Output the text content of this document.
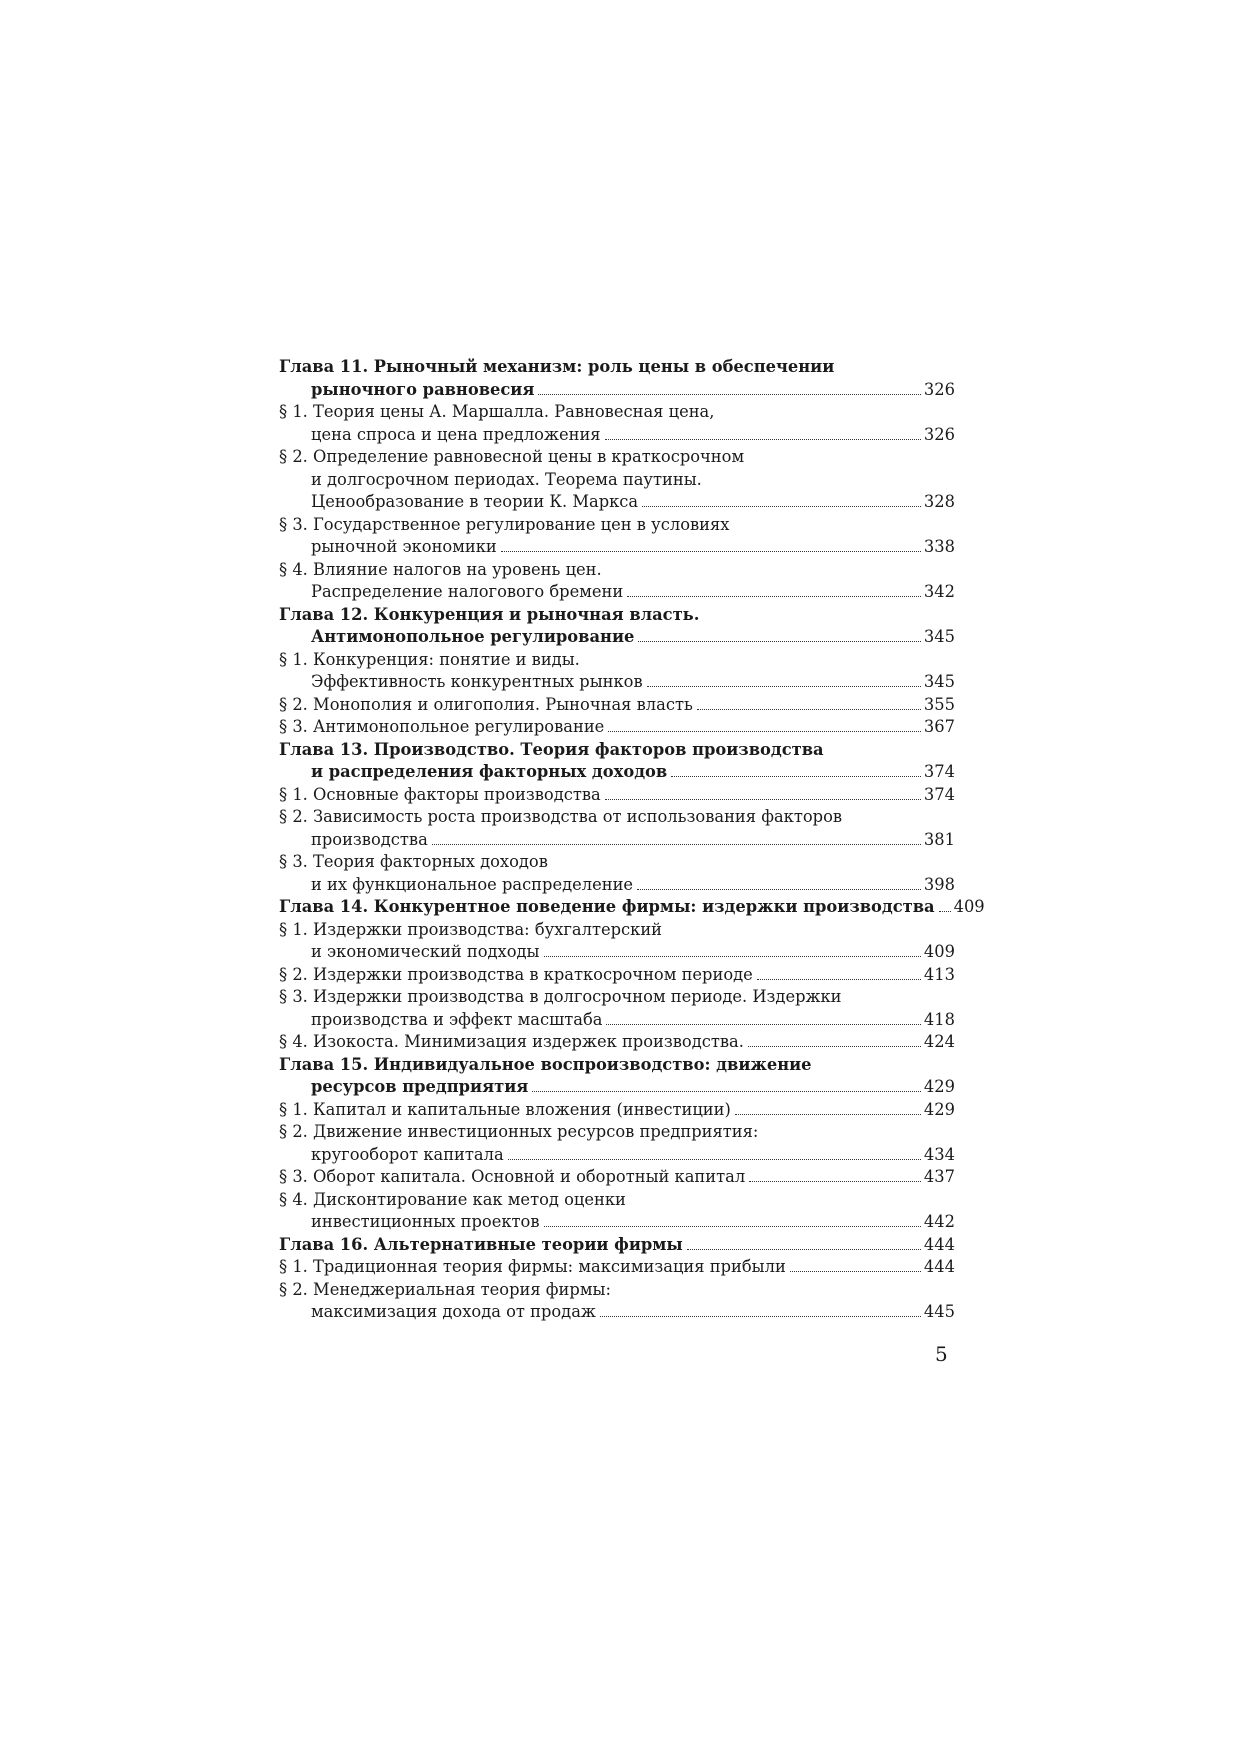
Глава 11. Рыночный механизм: роль цены в обеспечении
рыночного равновесия	326
§ 1. Теория цены А. Маршалла. Равновесная цена,
цена спроса и цена предложения	326
§ 2. Определение равновесной цены в краткосрочном
и долгосрочном периодах. Теорема паутины.
Ценообразование в теории К. Маркса	328
§ 3. Государственное регулирование цен в условиях
рыночной экономики	338
§ 4. Влияние налогов на уровень цен.
Распределение налогового бремени	342
Глава 12. Конкуренция и рыночная власть.
Антимонопольное регулирование	345
§ 1. Конкуренция: понятие и виды.
Эффективность конкурентных рынков	345
§ 2. Монополия и олигополия. Рыночная власть	355
§ 3. Антимонопольное регулирование	367
Глава 13. Производство. Теория факторов производства
и распределения факторных доходов	374
§ 1. Основные факторы производства	374
§ 2. Зависимость роста производства от использования факторов
производства	381
§ 3. Теория факторных доходов
и их функциональное распределение	398
Глава 14. Конкурентное поведение фирмы: издержки производства 409
§ 1. Издержки производства: бухгалтерский
и экономический подходы	409
§ 2. Издержки производства в краткосрочном периоде	413
§ 3. Издержки производства в долгосрочном периоде. Издержки
производства и эффект масштаба	418
§ 4. Изокоста. Минимизация издержек производства.	424
Глава 15. Индивидуальное воспроизводство: движение
ресурсов предприятия	429
§ 1. Капитал и капитальные вложения (инвестиции)	429
§ 2. Движение инвестиционных ресурсов предприятия:
кругооборот капитала	434
§ 3. Оборот капитала. Основной и оборотный капитал	437
§ 4. Дисконтирование как метод оценки
инвестиционных проектов	442
Глава 16. Альтернативные теории фирмы	444
§ 1. Традиционная теория фирмы: максимизация прибыли	444
§ 2. Менеджериальная теория фирмы:
максимизация дохода от продаж	445
5
